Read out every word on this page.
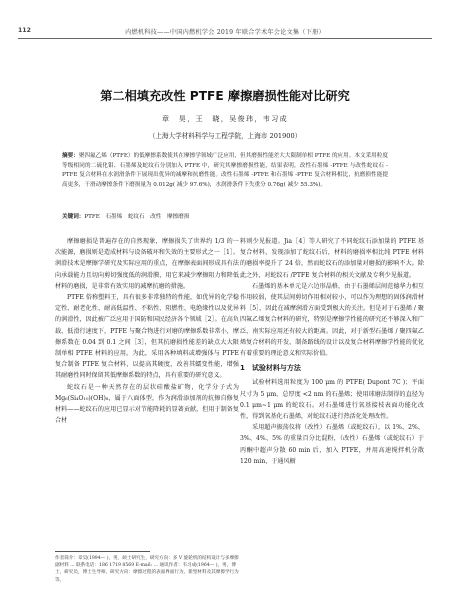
112	内燃机科技——中国内燃机学会 2019 年联合学术年会论文集（下册）
第二相填充改性 PTFE 摩擦磨损性能对比研究
章　昊，王　晓，吴俊玮，韦习成
（上海大学材料科学与工程学院，上海市 201900）
摘要：聚四氟乙烯（PTFE）的低摩擦系数使其在摩擦学领域广泛应用，但其磨损性能差大大限制单相 PTFE 的应用。本文采用粒度等级相同的二硫化钼、石墨烯及蛇纹石分别加入 PTFE 中，研究其摩擦磨损性能，结果表明，改性石墨烯 -PTFE 与改性蛇纹石 -PTFE 复合材料在水润滑条件下展现出优异的减摩和抗磨性能。改性石墨烯 -PTFE 和石墨烯 -PTFE 复合材料相比，抗磨损性能提高更多，干滑动摩擦条件下磨损量为 0.012g( 减少 97.6%)，水润滑条件下失重分 0.76g( 减少 55.3%)。
关键词：PTFE　石墨烯　蛇纹石　改性　摩擦磨损

摩擦磨损是普遍存在的自然现象，摩擦损失了世界约 1/3 的一次能源，磨损则是造成材料与设备破坏和失效的主要形式之一［1］。润滑技术是摩擦学研究及实际应用的重点，在摩擦表面间形成具有法向承载能力且切向剪切强度低的润滑膜，用它来减少摩擦阻力和降低材料的磨损，是非常有效实用的减摩抗磨的措施。

PTFE 俗称塑料王，具有很多非常独特的性能，如优异的化学稳定性、耐老化性、耐高低温性、不粘性、阻燃性、电绝缘性以及优异的润滑性，因此被广泛应用于国防和国民经济各个领域［2］。在高负载、低滑行速度下，PTFE 与聚合物进行对磨的摩擦系数非常小，摩擦系数在 0.04 到 0.1 之间［3］，但其抗磨损性能差的缺点大大限制单相 PTFE 材料的应用。为此，采用各种填料或增强体与 PTFE 复合制备 PTFE 复合材料，以提高其硬度，改善其蠕变性能，增强其耐磨性同时保留其低摩擦系数的特点，具有重要的研究意义。

蛇纹石是一种天然存在的层状硅酸盐矿物，化学分子式为 Mg₆(Si₄O₁₀)(OH)₈，属于八面体型，作为润滑添加剂的抗擦自修复材料——蛇纹石的应用已显示对节能降耗的显著贡献，但用于制备复合材

料则少见报道。Jia［4］等人研究了不同蛇纹石添加量的 PTFE 基复合材料，发现添加了蛇纹石后，材料的磨损率相比纯 PTFE 材料的磨损率提升了 24 倍，然而蛇纹石的添加量对磨损的影响不大。除此之外，对蛇纹石 /PTFE 复合材料的相关文献及专利少见报道。

石墨烯的基本单元是六边形晶格，由于石墨烯层间范德华力相互作用较弱，使其层间剪切作用相对较小，可以作为理想的固体润滑材料［5］，因此在减摩润滑方面受到极大的关注。但是对于石墨烯 / 聚四氟乙烯复合材料的研究，特别是摩擦学性能的研究还不够深入和广泛，南实际应用还有较大的距离。因此，对于新型石墨烯 / 聚四氟乙烯复合材料的开发，制备路线的设计以及复合材料摩擦学性能的优化有着重要的理论意义和实际价值。

1　试验材料与方法

试验材料选用粒度为 100 μm 的 PTFE( Dupont 7C )；平面尺寸为 5 μm，总厚度 <2 nm 的石墨烯；使用球磨法制得的直径为 0.1 μm~1 μm 的蛇纹石。对石墨烯进行氧基接枝表面功能化改性，得到氧基化石墨烯，对蛇纹石进行热活化处理改性。

采用超声振荡仪将（改性）石墨烯（或蛇纹石），以 1%、2%、3%、4%、5% 的重量百分比混粉，（改性）石墨烯（或蛇纹石）于丙酮中超声分散 60 min 后，加入 PTFE，并用高速搅拌机分散 120 min，于通风橱

作者简介：章昊(1994— )，男，硕士研究生，研究方向：多 V 旋轮机的结构设计与多摩擦副材料 ... 联系电话：186 1719 8569 E-mail: ... 通讯作者：韦习成(1964— )，男，博士，研究员，博士生导师，研究方向：摩擦过程的表面界面行为、新型材料及其摩擦学行为等。
